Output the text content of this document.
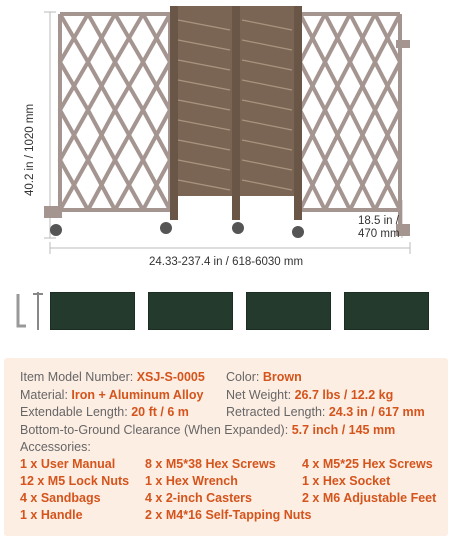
40.2 in / 1020 mm
24.33-237.4 in / 618-6030 mm
18.5 in /
470 mm
Item Model Number: XSJ-S-0005 Color: Brown
Material: Iron + Aluminum Alloy Net Weight: 26.7 lbs / 12.2 kg
Extendable Length: 20 ft / 6 m	Retracted Length: 24.3 in / 617 mm
Bottom-to-Ground Clearance (When Expanded): 5.7 inch / 145 mm
Accessories:
1 x User Manual
12 x M5 Lock Nuts
4 x Sandbags
1 x Handle
8 x M5*38 Hex Screws
1 x Hex Wrench
4 x 2-inch Casters
2 x M4*16 Self-Tapping Nuts
4 x M5*25 Hex Screws
1 x Hex Socket
2 x M6 Adjustable Feet
